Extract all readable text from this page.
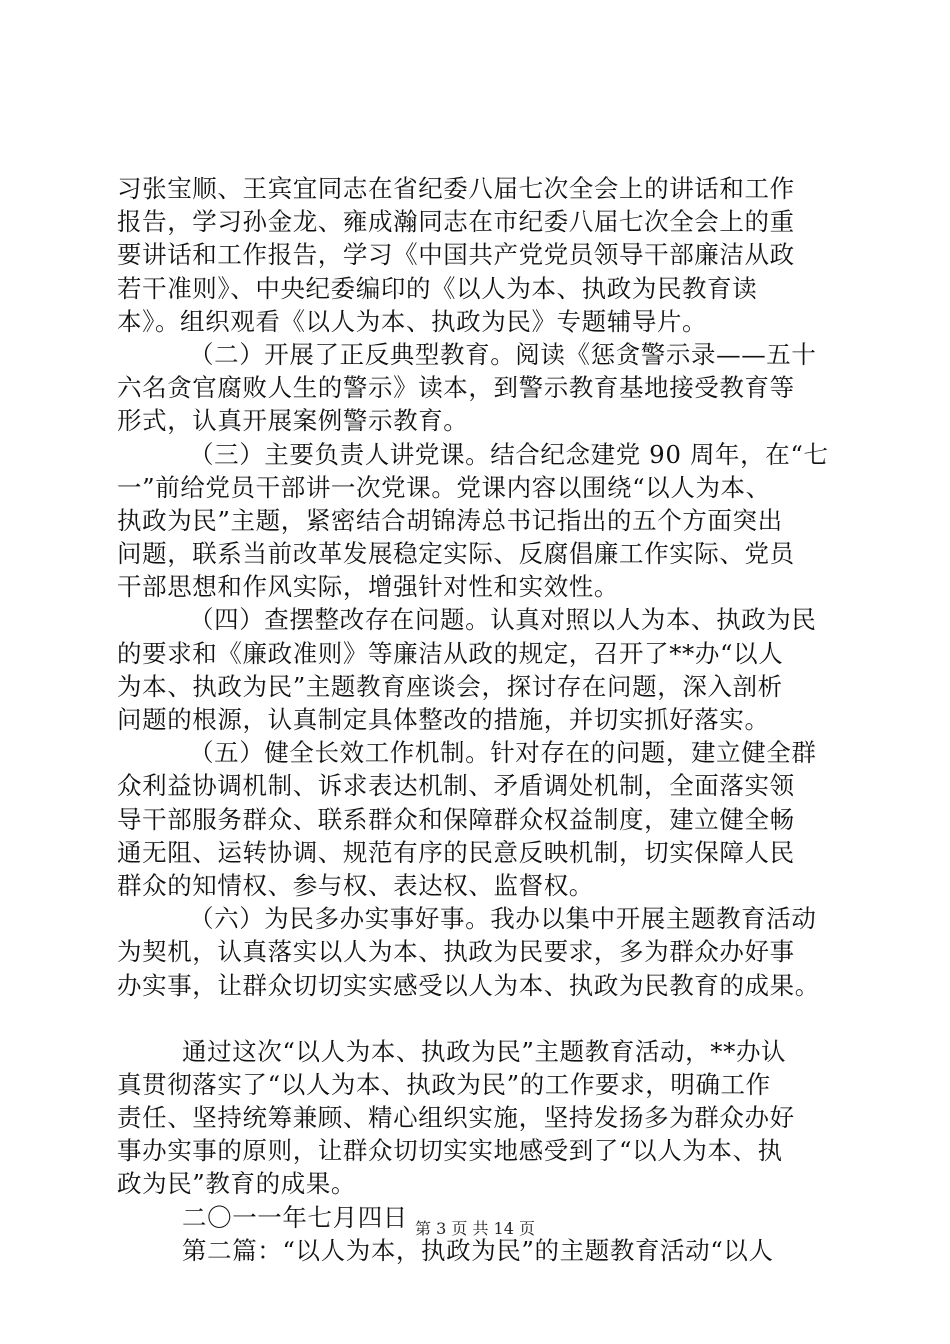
习张宝顺、王宾宜同志在省纪委八届七次全会上的讲话和工作
报告，学习孙金龙、雍成瀚同志在市纪委八届七次全会上的重
要讲话和工作报告，学习《中国共产党党员领导干部廉洁从政
若干准则》、中央纪委编印的《以人为本、执政为民教育读
本》。组织观看《以人为本、执政为民》专题辅导片。
（二）开展了正反典型教育。阅读《惩贪警示录——五十
六名贪官腐败人生的警示》读本，到警示教育基地接受教育等
形式，认真开展案例警示教育。
（三）主要负责人讲党课。结合纪念建党 90 周年，在“七
一”前给党员干部讲一次党课。党课内容以围绕“以人为本、
执政为民”主题，紧密结合胡锦涛总书记指出的五个方面突出
问题，联系当前改革发展稳定实际、反腐倡廉工作实际、党员
干部思想和作风实际，增强针对性和实效性。
（四）查摆整改存在问题。认真对照以人为本、执政为民
的要求和《廉政准则》等廉洁从政的规定，召开了**办“以人
为本、执政为民”主题教育座谈会，探讨存在问题，深入剖析
问题的根源，认真制定具体整改的措施，并切实抓好落实。
（五）健全长效工作机制。针对存在的问题，建立健全群
众利益协调机制、诉求表达机制、矛盾调处机制，全面落实领
导干部服务群众、联系群众和保障群众权益制度，建立健全畅
通无阻、运转协调、规范有序的民意反映机制，切实保障人民
群众的知情权、参与权、表达权、监督权。
（六）为民多办实事好事。我办以集中开展主题教育活动
为契机，认真落实以人为本、执政为民要求，多为群众办好事
办实事，让群众切切实实感受以人为本、执政为民教育的成果。
通过这次“以人为本、执政为民”主题教育活动，**办认
真贯彻落实了“以人为本、执政为民”的工作要求，明确工作
责任、坚持统筹兼顾、精心组织实施，坚持发扬多为群众办好
事办实事的原则，让群众切切实实地感受到了“以人为本、执
政为民”教育的成果。
二〇一一年七月四日
第二篇：“以人为本，执政为民”的主题教育活动“以人
第 3 页 共 14 页
